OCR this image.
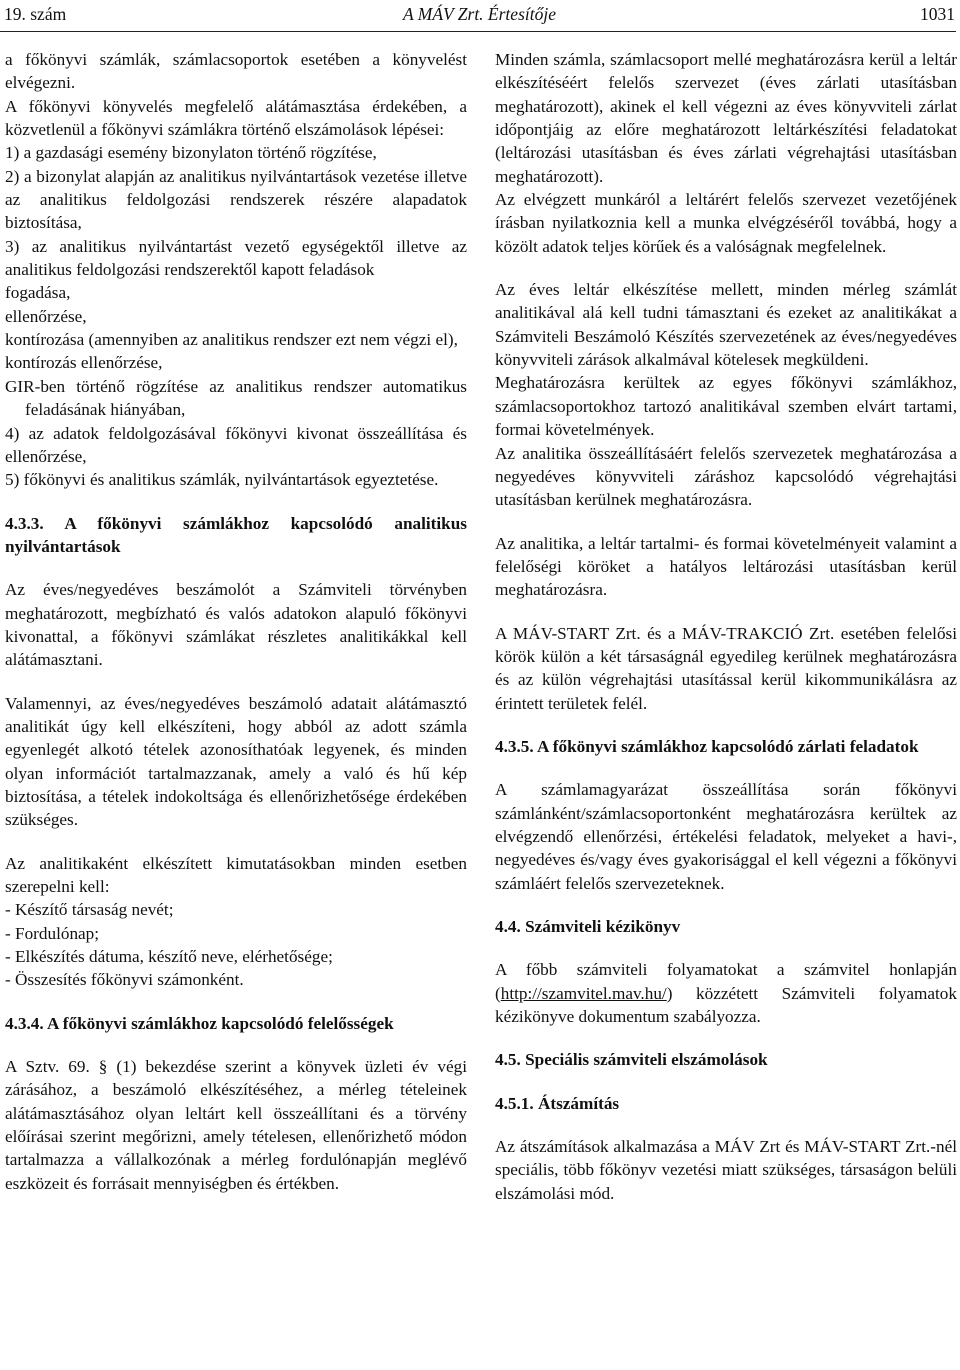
19. szám	A MÁV Zrt. Értesítője	1031

a főkönyvi számlák, számlacsoportok esetében a könyvelést elvégezni.

A főkönyvi könyvelés megfelelő alátámasztása érdekében, a közvetlenül a főkönyvi számlákra történő elszámolások lépései:

1) a gazdasági esemény bizonylaton történő rögzítése,

2) a bizonylat alapján az analitikus nyilvántartások vezetése illetve az analitikus feldolgozási rendszerek részére alapadatok biztosítása,

3) az analitikus nyilvántartást vezető egységektől illetve az analitikus feldolgozási rendszerektől kapott feladások

fogadása,

ellenőrzése,

kontírozása (amennyiben az analitikus rendszer ezt nem végzi el),

kontírozás ellenőrzése,

GIR-ben történő rögzítése az analitikus rendszer automatikus feladásának hiányában,

4) az adatok feldolgozásával főkönyvi kivonat összeállítása és ellenőrzése,

5) főkönyvi és analitikus számlák, nyilvántartások egyeztetése.

4.3.3. A főkönyvi számlákhoz kapcsolódó analitikus nyilvántartások

Az éves/negyedéves beszámolót a Számviteli törvényben meghatározott, megbízható és valós adatokon alapuló főkönyvi kivonattal, a főkönyvi számlákat részletes analitikákkal kell alátámasztani.

Valamennyi, az éves/negyedéves beszámoló adatait alátámasztó analitikát úgy kell elkészíteni, hogy abból az adott számla egyenlegét alkotó tételek azonosíthatóak legyenek, és minden olyan információt tartalmazzanak, amely a való és hű kép biztosítása, a tételek indokoltsága és ellenőrizhetősége érdekében szükséges.

Az analitikaként elkészített kimutatásokban minden esetben szerepelni kell:

- Készítő társaság nevét;

- Fordulónap;

- Elkészítés dátuma, készítő neve, elérhetősége;

- Összesítés főkönyvi számonként.

4.3.4. A főkönyvi számlákhoz kapcsolódó felelősségek

A Sztv. 69. § (1) bekezdése szerint a könyvek üzleti év végi zárásához, a beszámoló elkészítéséhez, a mérleg tételeinek alátámasztásához olyan leltárt kell összeállítani és a törvény előírásai szerint megőrizni, amely tételesen, ellenőrizhető módon tartalmazza a vállalkozónak a mérleg fordulónapján meglévő eszközeit és forrásait mennyiségben és értékben.

Minden számla, számlacsoport mellé meghatározásra kerül a leltár elkészítéséért felelős szervezet (éves zárlati utasításban meghatározott), akinek el kell végezni az éves könyvviteli zárlat időpontjáig az előre meghatározott leltárkészítési feladatokat (leltározási utasításban és éves zárlati végrehajtási utasításban meghatározott).

Az elvégzett munkáról a leltárért felelős szervezet vezetőjének írásban nyilatkoznia kell a munka elvégzéséről továbbá, hogy a közölt adatok teljes körűek és a valóságnak megfelelnek.

Az éves leltár elkészítése mellett, minden mérleg számlát analitikával alá kell tudni támasztani és ezeket az analitikákat a Számviteli Beszámoló Készítés szervezetének az éves/negyedéves könyvviteli zárások alkalmával kötelesek megküldeni.

Meghatározásra kerültek az egyes főkönyvi számlákhoz, számlacsoportokhoz tartozó analitikával szemben elvárt tartami, formai követelmények.

Az analitika összeállításáért felelős szervezetek meghatározása a negyedéves könyvviteli záráshoz kapcsolódó végrehajtási utasításban kerülnek meghatározásra.

Az analitika, a leltár tartalmi- és formai követelményeit valamint a felelőségi köröket a hatályos leltározási utasításban kerül meghatározásra.

A MÁV-START Zrt. és a MÁV-TRAKCIÓ Zrt. esetében felelősi körök külön a két társaságnál egyedileg kerülnek meghatározásra és az külön végrehajtási utasítással kerül kikommunikálásra az érintett területek felél.

4.3.5. A főkönyvi számlákhoz kapcsolódó zárlati feladatok

A számlamagyarázat összeállítása során főkönyvi számlánként/számlacsoportonként meghatározásra kerültek az elvégzendő ellenőrzési, értékelési feladatok, melyeket a havi-, negyedéves és/vagy éves gyakorisággal el kell végezni a főkönyvi számláért felelős szervezeteknek.

4.4. Számviteli kézikönyv

A főbb számviteli folyamatokat a számvitel honlapján (http://szamvitel.mav.hu/) közzétett Számviteli folyamatok kézikönyve dokumentum szabályozza.

4.5. Speciális számviteli elszámolások
4.5.1. Átszámítás

Az átszámítások alkalmazása a MÁV Zrt és MÁV-START Zrt.-nél speciális, több főkönyv vezetési miatt szükséges, társaságon belüli elszámolási mód.
